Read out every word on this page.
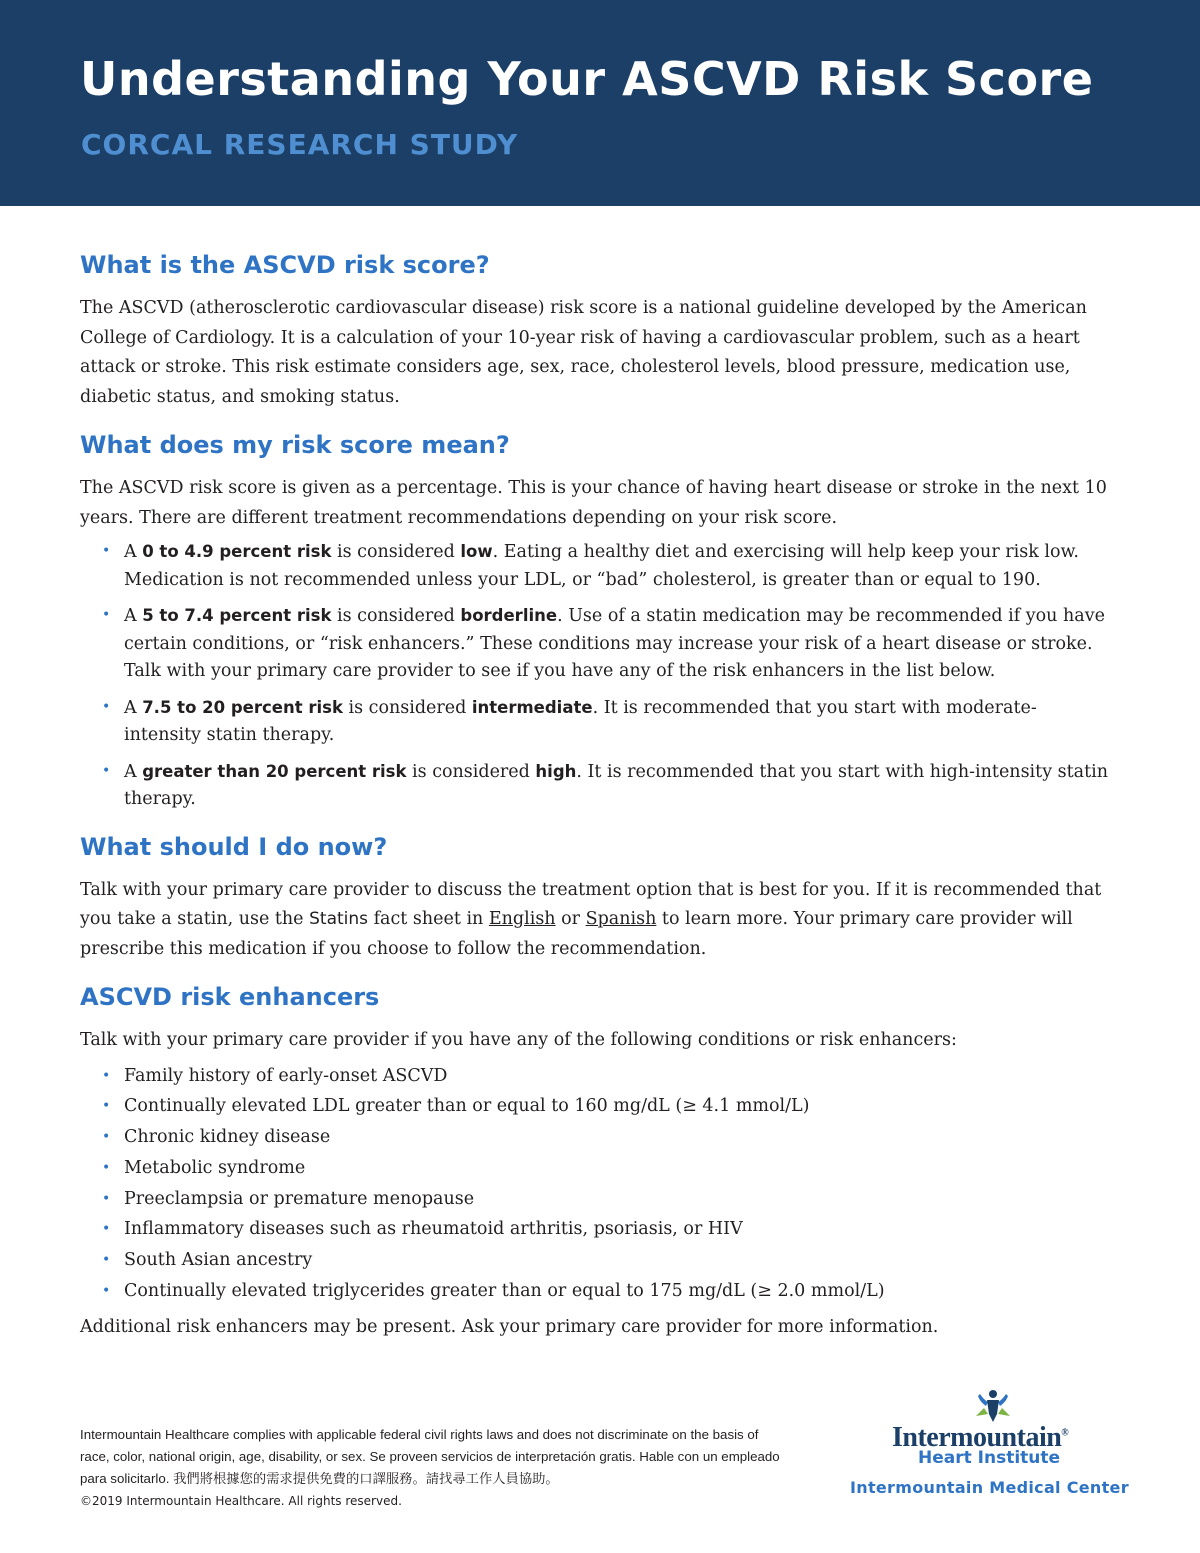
Understanding Your ASCVD Risk Score
CORCAL RESEARCH STUDY
What is the ASCVD risk score?

The ASCVD (atherosclerotic cardiovascular disease) risk score is a national guideline developed by the American College of Cardiology. It is a calculation of your 10-year risk of having a cardiovascular problem, such as a heart attack or stroke. This risk estimate considers age, sex, race, cholesterol levels, blood pressure, medication use, diabetic status, and smoking status.

What does my risk score mean?

The ASCVD risk score is given as a percentage. This is your chance of having heart disease or stroke in the next 10 years. There are different treatment recommendations depending on your risk score.

• A 0 to 4.9 percent risk is considered low. Eating a healthy diet and exercising will help keep your risk low. Medication is not recommended unless your LDL, or “bad” cholesterol, is greater than or equal to 190.
• A 5 to 7.4 percent risk is considered borderline. Use of a statin medication may be recommended if you have certain conditions, or “risk enhancers.” These conditions may increase your risk of a heart disease or stroke. Talk with your primary care provider to see if you have any of the risk enhancers in the list below.
• A 7.5 to 20 percent risk is considered intermediate. It is recommended that you start with moderate-intensity statin therapy.
• A greater than 20 percent risk is considered high. It is recommended that you start with high-intensity statin therapy.
What should I do now?

Talk with your primary care provider to discuss the treatment option that is best for you. If it is recommended that you take a statin, use the Statins fact sheet in English or Spanish to learn more. Your primary care provider will prescribe this medication if you choose to follow the recommendation.

ASCVD risk enhancers

Talk with your primary care provider if you have any of the following conditions or risk enhancers:

• Family history of early-onset ASCVD
• Continually elevated LDL greater than or equal to 160 mg/dL (≥ 4.1 mmol/L)
• Chronic kidney disease
• Metabolic syndrome
• Preeclampsia or premature menopause
• Inflammatory diseases such as rheumatoid arthritis, psoriasis, or HIV
• South Asian ancestry
• Continually elevated triglycerides greater than or equal to 175 mg/dL (≥ 2.0 mmol/L)

Additional risk enhancers may be present. Ask your primary care provider for more information.

Intermountain Healthcare complies with applicable federal civil rights laws and does not discriminate on the basis of race, color, national origin, age, disability, or sex. Se proveen servicios de interpretación gratis. Hable con un empleado para solicitarlo. 我們將根據您的需求提供免費的口譯服務。請找尋工作人員協助。
©2019 Intermountain Healthcare. All rights reserved.
Intermountain®
Heart Institute
Intermountain Medical Center
